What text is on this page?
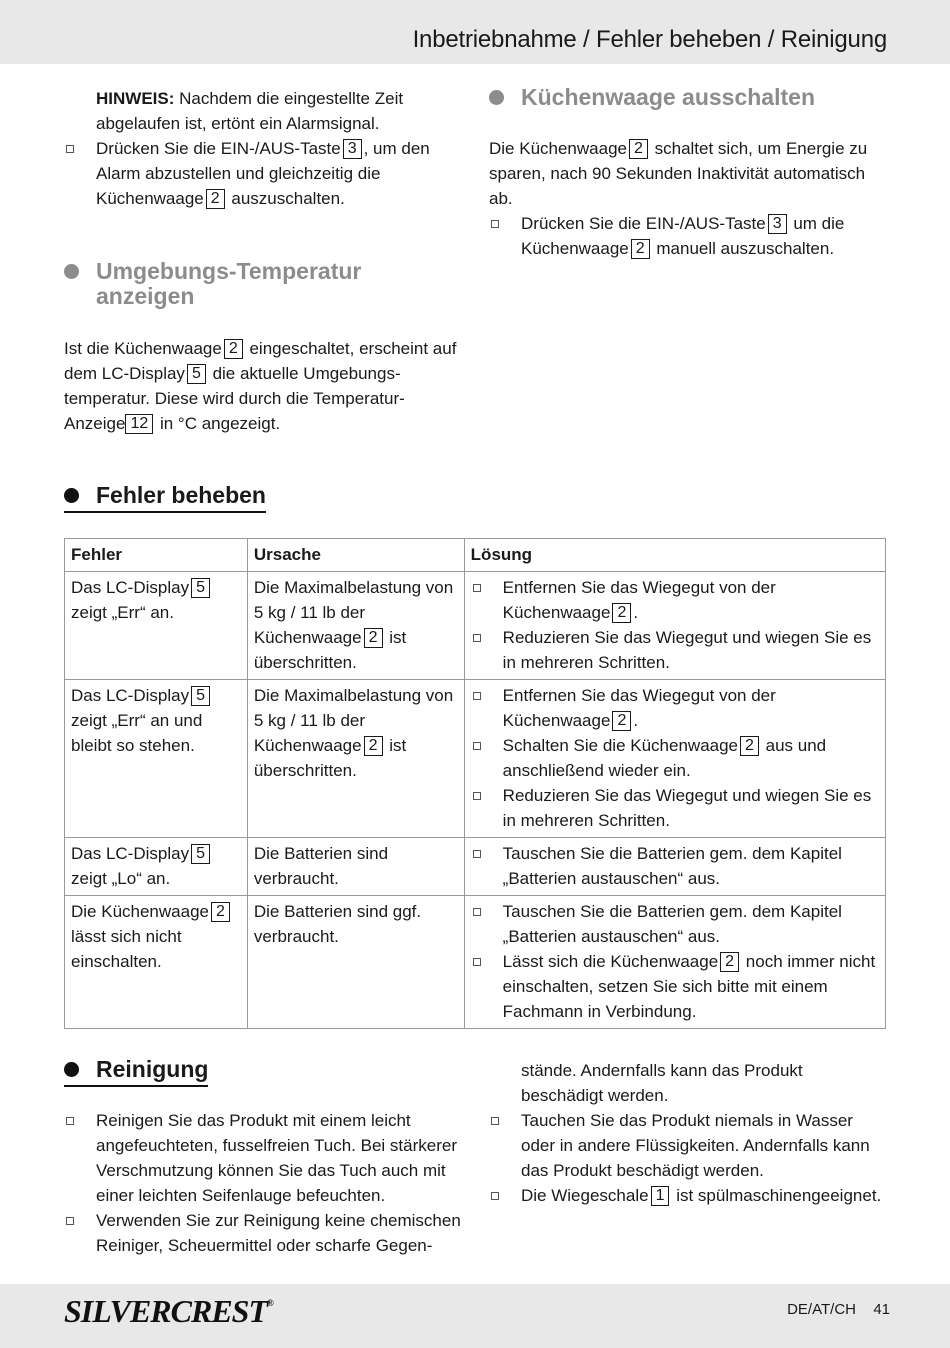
Inbetriebnahme / Fehler beheben / Reinigung

HINWEIS: Nachdem die eingestellte Zeit abgelaufen ist, ertönt ein Alarmsignal.

Drücken Sie die EIN-/AUS-Taste 3 , um den Alarm abzustellen und gleichzeitig die Küchenwaage 2 auszuschalten.
Umgebungs-Temperatur
anzeigen

Ist die Küchenwaage 2 eingeschaltet, erscheint auf dem LC-Display 5 die aktuelle Umgebungstemperatur. Diese wird durch die Temperatur-Anzeige 12 in °C angezeigt.

Küchenwaage ausschalten

Die Küchenwaage 2 schaltet sich, um Energie zu sparen, nach 90 Sekunden Inaktivität automatisch ab.

Drücken Sie die EIN-/AUS-Taste 3 um die Küchenwaage 2 manuell auszuschalten.
Fehler beheben
Fehler	Ursache	Lösung
Das LC-Display 5 zeigt „Err“ an.	Die Maximalbelastung von 5 kg / 11 lb der Küchenwaage 2 ist überschritten.	Entfernen Sie das Wiegegut von der Küchenwaage 2 .
Reduzieren Sie das Wiegegut und wiegen Sie es in mehreren Schritten.

Das LC-Display 5 zeigt „Err“ an und bleibt so stehen.	Die Maximalbelastung von 5 kg / 11 lb der Küchenwaage 2 ist überschritten.	Entfernen Sie das Wiegegut von der Küchenwaage 2 .
Schalten Sie die Küchenwaage 2 aus und anschließend wieder ein.
Reduzieren Sie das Wiegegut und wiegen Sie es in mehreren Schritten.

Das LC-Display 5 zeigt „Lo“ an.	Die Batterien sind verbraucht.	Tauschen Sie die Batterien gem. dem Kapitel „Batterien austauschen“ aus.

Die Küchenwaage 2 lässt sich nicht einschalten.	Die Batterien sind ggf. verbraucht.	Tauschen Sie die Batterien gem. dem Kapitel „Batterien austauschen“ aus.
Lässt sich die Küchenwaage 2 noch immer nicht einschalten, setzen Sie sich bitte mit einem Fachmann in Verbindung.
Reinigung
Reinigen Sie das Produkt mit einem leicht angefeuchteten, fusselfreien Tuch. Bei stärkerer Verschmutzung können Sie das Tuch auch mit einer leichten Seifenlauge befeuchten.
Verwenden Sie zur Reinigung keine chemischen Reiniger, Scheuermittel oder scharfe Gegen-
stände. Andernfalls kann das Produkt beschädigt werden.
Tauchen Sie das Produkt niemals in Wasser oder in andere Flüssigkeiten. Andernfalls kann das Produkt beschädigt werden.
Die Wiegeschale 1 ist spülmaschinengeeignet.
SILVERCREST®	DE/AT/CH 41
